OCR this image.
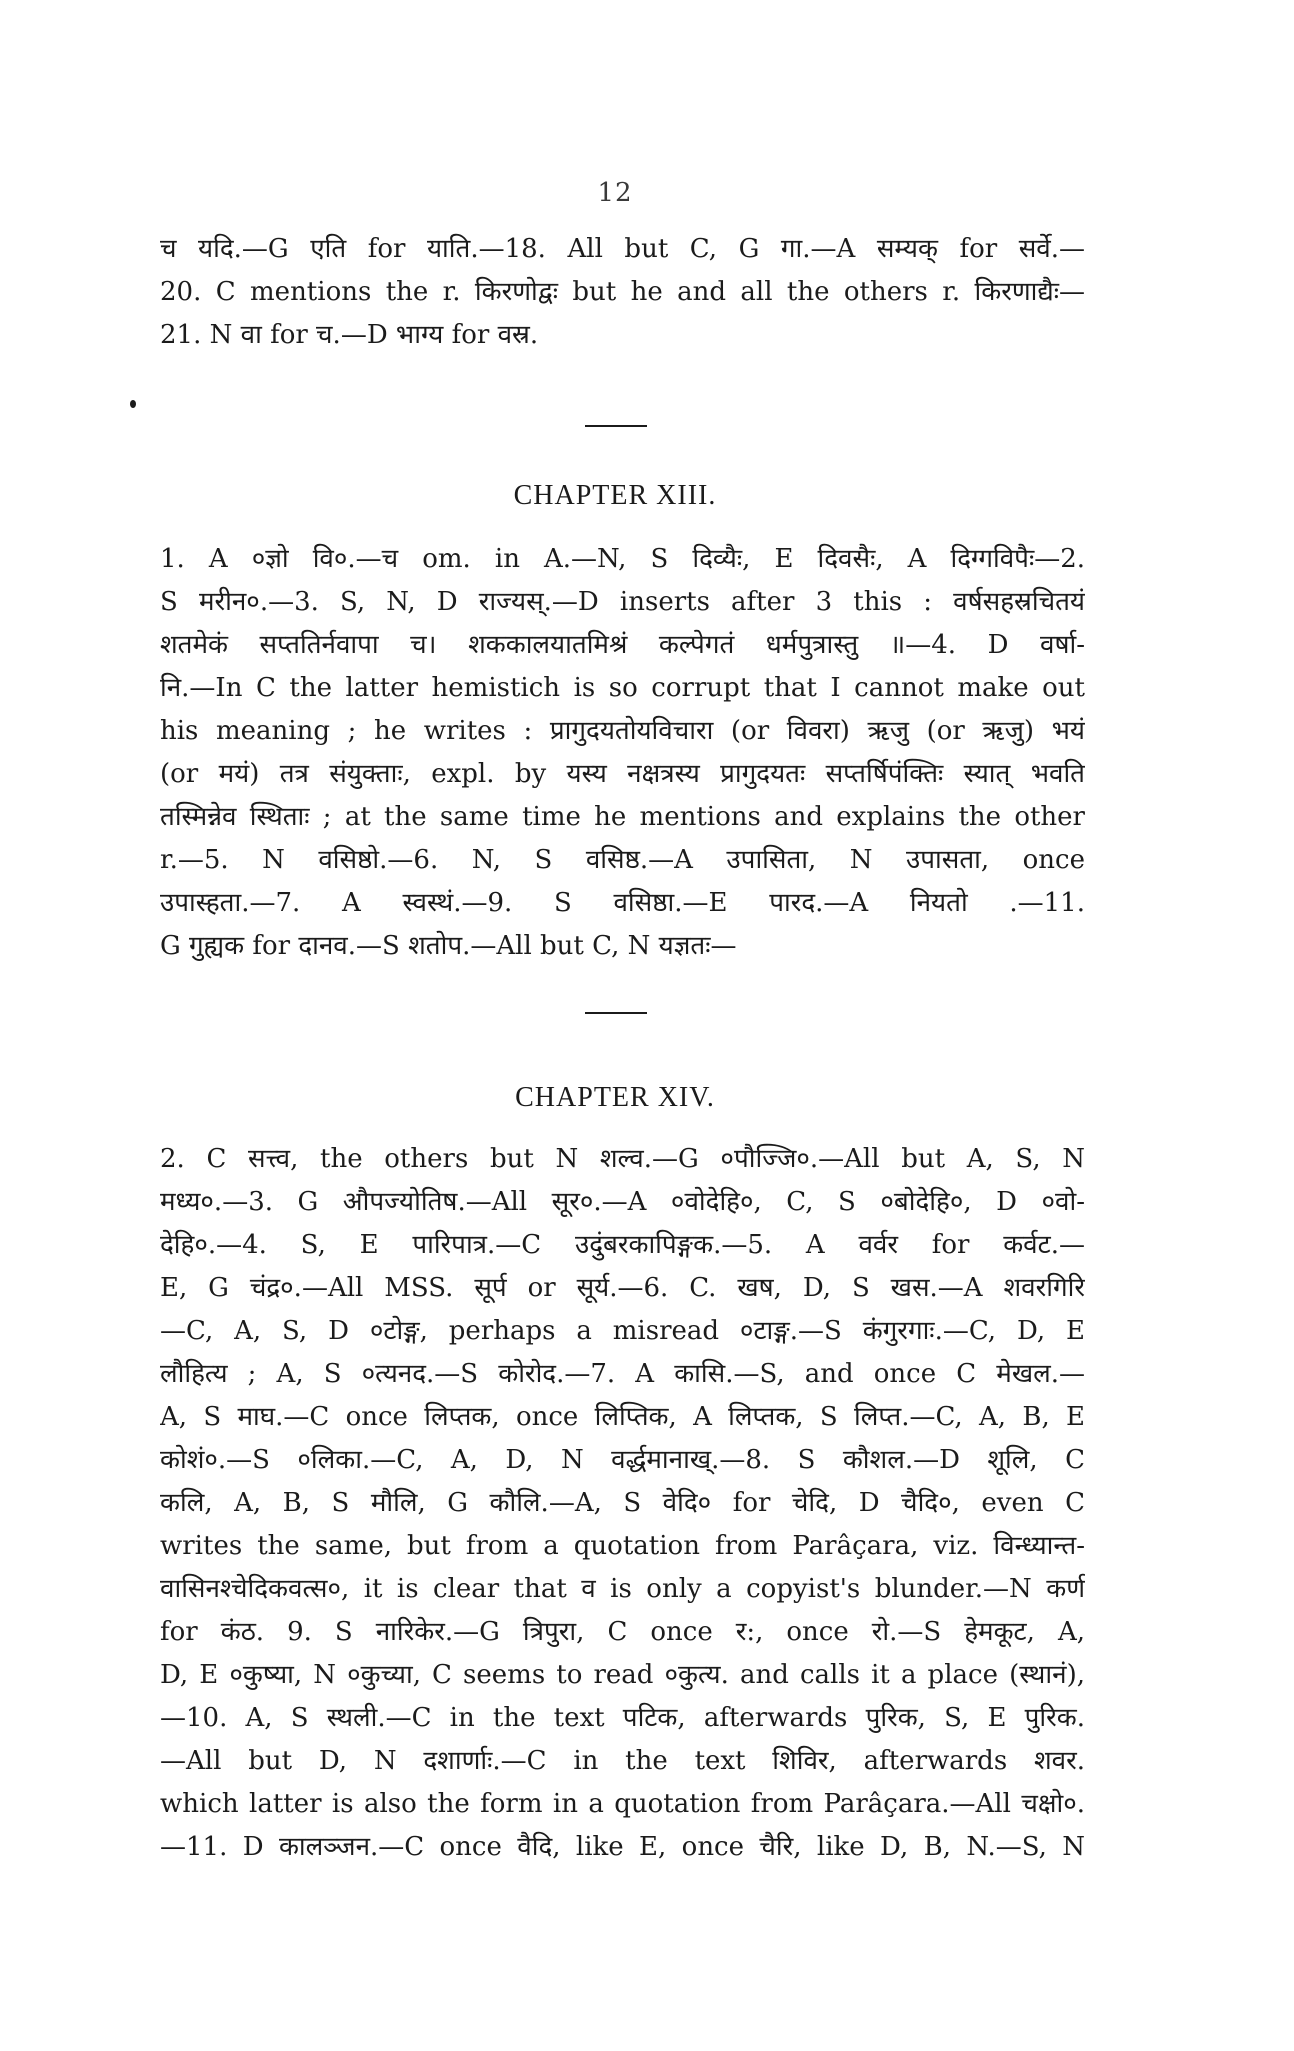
12
च यदि.—G एति for याति.—18. All but C, G गा.—A सम्यक् for सर्वे.—
20. C mentions the r. किरणोद्वः but he and all the others r. किरणाद्यैः—
21. N वा for च.—D भाग्य for वस्र.
CHAPTER XIII.
1. A ०ज्ञो वि०.—च om. in A.—N, S दिव्यैः, E दिवसैः, A दिग्गविपैः—2.
S मरीन०.—3. S, N, D राज्यस्.—D inserts after 3 this : वर्षसहस्रचितयं
शतमेकं सप्ततिर्नवापा च। शककालयातमिश्रं कल्पेगतं धर्मपुत्रास्तु ॥—4. D वर्षा-
नि.—In C the latter hemistich is so corrupt that I cannot make out
his meaning ; he writes : प्रागुदयतोयविचारा (or विवरा) ऋजु (or ऋजु) भयं
(or मयं) तत्र संयुक्ताः, expl. by यस्य नक्षत्रस्य प्रागुदयतः सप्तर्षिपंक्तिः स्यात् भवति
तस्मिन्नेव स्थिताः ; at the same time he mentions and explains the other
r.—5. N वसिष्ठो.—6. N, S वसिष्ठ.—A उपासिता, N उपासता, once
उपास्हता.—7. A स्वस्थं.—9. S वसिष्ठा.—E पारद.—A नियतो .—11.
G गुह्यक for दानव.—S शतोप.—All but C, N यज्ञतः—
CHAPTER XIV.
2. C सत्त्व, the others but N शल्व.—G ०पौज्जि०.—All but A, S, N
मध्य०.—3. G औपज्योतिष.—All सूर०.—A ०वोदेहि०, C, S ०बोदेहि०, D ०वो-
देहि०.—4. S, E पारिपात्र.—C उदुंबरकापिङ्गक.—5. A वर्वर for कर्वट.—
E, G चंद्र०.—All MSS. सूर्प or सूर्य.—6. C. खष, D, S खस.—A शवरगिरि
—C, A, S, D ०टोङ्ग, perhaps a misread ०टाङ्ग.—S कंगुरगाः.—C, D, E
लौहित्य ; A, S ०त्यनद.—S कोरोद.—7. A कासि.—S, and once C मेखल.—
A, S माघ.—C once लिप्तक, once लिप्तिक, A लिप्तक, S लिप्त.—C, A, B, E
कोशं०.—S ०लिका.—C, A, D, N वर्द्धमानाख्.—8. S कौशल.—D शूलि, C
कलि, A, B, S मौलि, G कौलि.—A, S वेदि० for चेदि, D चैदि०, even C
writes the same, but from a quotation from Parâçara, viz. विन्ध्यान्त-
वासिनश्चेदिकवत्स०, it is clear that व is only a copyist's blunder.—N कर्ण
for कंठ. 9. S नारिकेर.—G त्रिपुरा, C once र:, once रो.—S हेमकूट, A,
D, E ०कुष्या, N ०कुच्या, C seems to read ०कुत्य. and calls it a place (स्थानं),
—10. A, S स्थली.—C in the text पटिक, afterwards पुरिक, S, E पुरिक.
—All but D, N दशार्णाः.—C in the text शिविर, afterwards शवर.
which latter is also the form in a quotation from Parâçara.—All चक्षो०.
—11. D कालञ्जन.—C once वैदि, like E, once चैरि, like D, B, N.—S, N
